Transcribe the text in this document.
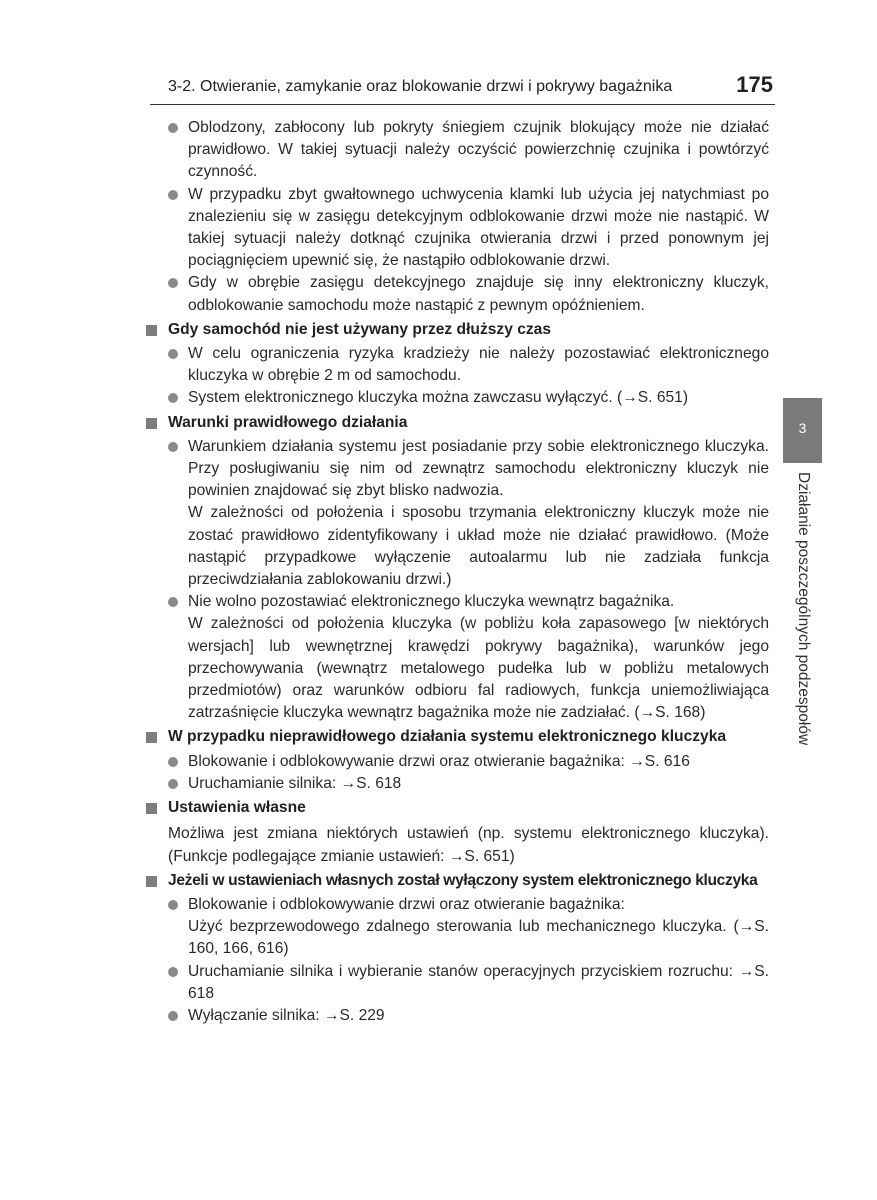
3-2. Otwieranie, zamykanie oraz blokowanie drzwi i pokrywy bagażnika	175

Oblodzony, zabłocony lub pokryty śniegiem czujnik blokujący może nie działać prawidłowo. W takiej sytuacji należy oczyścić powierzchnię czujnika i powtórzyć czynność.

W przypadku zbyt gwałtownego uchwycenia klamki lub użycia jej natychmiast po znalezieniu się w zasięgu detekcyjnym odblokowanie drzwi może nie nastąpić. W takiej sytuacji należy dotknąć czujnika otwierania drzwi i przed ponownym jej pociągnięciem upewnić się, że nastąpiło odblokowanie drzwi.

Gdy w obrębie zasięgu detekcyjnego znajduje się inny elektroniczny kluczyk, odblokowanie samochodu może nastąpić z pewnym opóźnieniem.

Gdy samochód nie jest używany przez dłuższy czas

W celu ograniczenia ryzyka kradzieży nie należy pozostawiać elektronicznego kluczyka w obrębie 2 m od samochodu.

System elektronicznego kluczyka można zawczasu wyłączyć. (→S. 651)

Warunki prawidłowego działania

Warunkiem działania systemu jest posiadanie przy sobie elektronicznego kluczyka. Przy posługiwaniu się nim od zewnątrz samochodu elektroniczny kluczyk nie powinien znajdować się zbyt blisko nadwozia.

W zależności od położenia i sposobu trzymania elektroniczny kluczyk może nie zostać prawidłowo zidentyfikowany i układ może nie działać prawidłowo. (Może nastąpić przypadkowe wyłączenie autoalarmu lub nie zadziała funkcja przeciwdziałania zablokowaniu drzwi.)

Nie wolno pozostawiać elektronicznego kluczyka wewnątrz bagażnika.

W zależności od położenia kluczyka (w pobliżu koła zapasowego [w niektórych wersjach] lub wewnętrznej krawędzi pokrywy bagażnika), warunków jego przechowywania (wewnątrz metalowego pudełka lub w pobliżu metalowych przedmiotów) oraz warunków odbioru fal radiowych, funkcja uniemożliwiająca zatrzaśnięcie kluczyka wewnątrz bagażnika może nie zadziałać. (→S. 168)

W przypadku nieprawidłowego działania systemu elektronicznego kluczyka

Blokowanie i odblokowywanie drzwi oraz otwieranie bagażnika: →S. 616

Uruchamianie silnika: →S. 618

Ustawienia własne

Możliwa jest zmiana niektórych ustawień (np. systemu elektronicznego kluczyka). (Funkcje podlegające zmianie ustawień: →S. 651)

Jeżeli w ustawieniach własnych został wyłączony system elektronicznego kluczyka

Blokowanie i odblokowywanie drzwi oraz otwieranie bagażnika:

Użyć bezprzewodowego zdalnego sterowania lub mechanicznego kluczyka. (→S. 160, 166, 616)

Uruchamianie silnika i wybieranie stanów operacyjnych przyciskiem rozruchu: →S. 618

Wyłączanie silnika: →S. 229

3
Działanie poszczególnych podzespołów
